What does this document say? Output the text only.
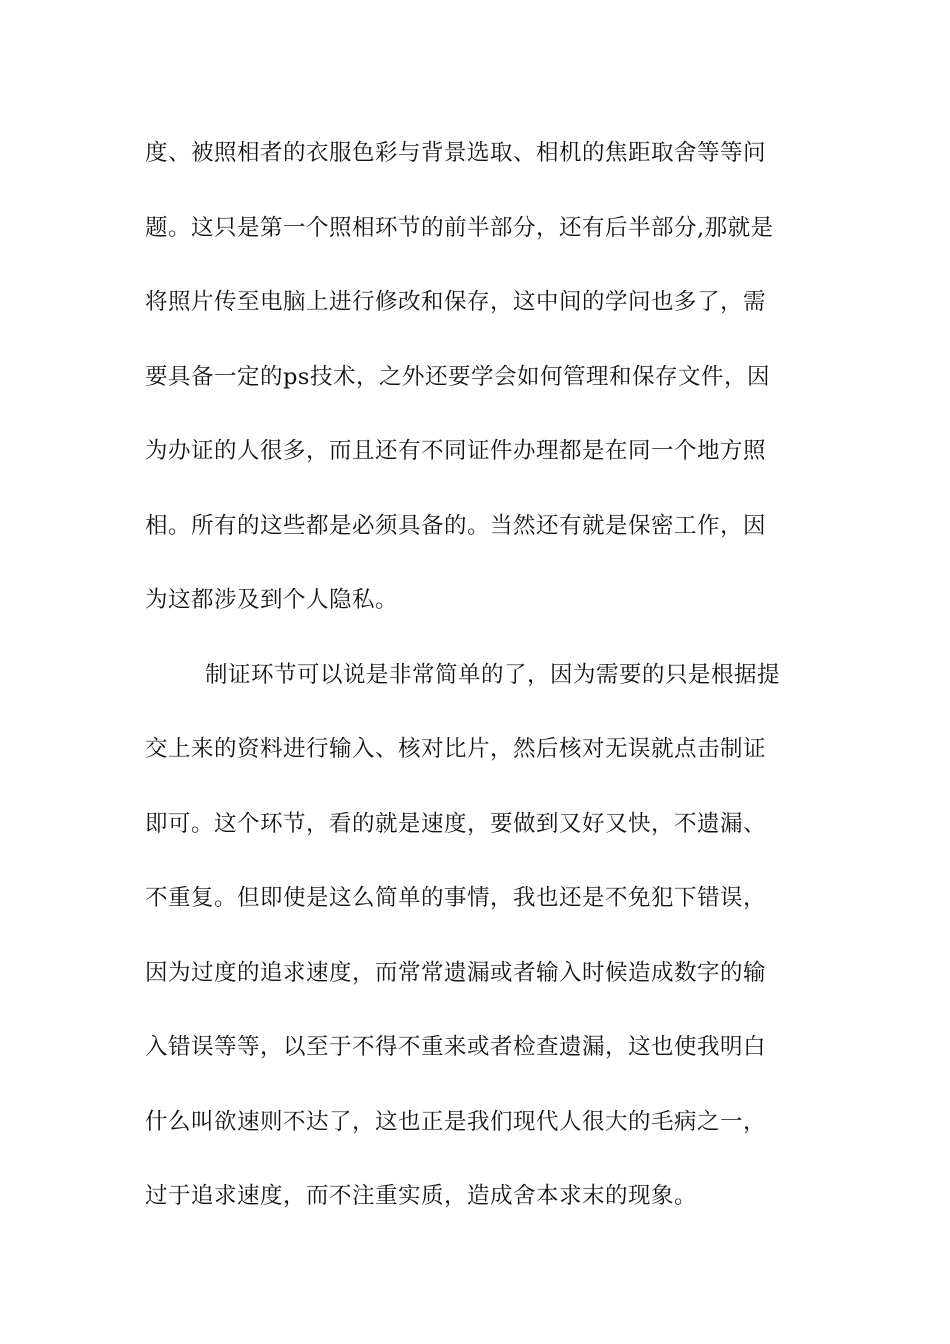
度、被照相者的衣服色彩与背景选取、相机的焦距取舍等等问
题。这只是第一个照相环节的前半部分，还有后半部分,那就是
将照片传至电脑上进行修改和保存，这中间的学问也多了，需
要具备一定的ps技术，之外还要学会如何管理和保存文件，因
为办证的人很多，而且还有不同证件办理都是在同一个地方照
相。所有的这些都是必须具备的。当然还有就是保密工作，因
为这都涉及到个人隐私。
制证环节可以说是非常简单的了，因为需要的只是根据提
交上来的资料进行输入、核对比片，然后核对无误就点击制证
即可。这个环节，看的就是速度，要做到又好又快，不遗漏、
不重复。但即使是这么简单的事情，我也还是不免犯下错误，
因为过度的追求速度，而常常遗漏或者输入时候造成数字的输
入错误等等，以至于不得不重来或者检查遗漏，这也使我明白
什么叫欲速则不达了，这也正是我们现代人很大的毛病之一，
过于追求速度，而不注重实质，造成舍本求末的现象。
